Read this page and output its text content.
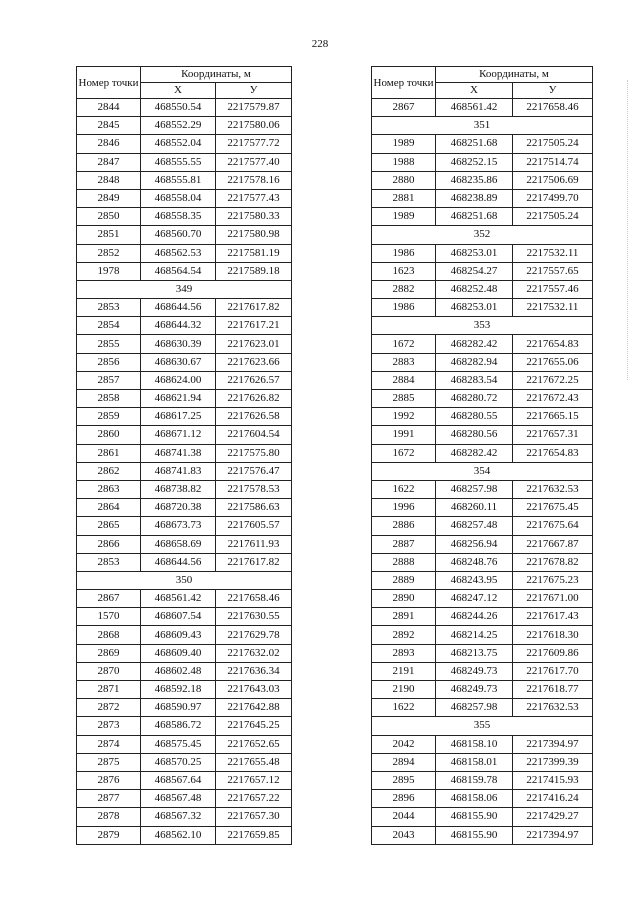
228
Номер точки	Координаты, м	
	X	У
2844	468550.54	2217579.87
2845	468552.29	2217580.06
2846	468552.04	2217577.72
2847	468555.55	2217577.40
2848	468555.81	2217578.16
2849	468558.04	2217577.43
2850	468558.35	2217580.33
2851	468560.70	2217580.98
2852	468562.53	2217581.19
1978	468564.54	2217589.18
349		
2853	468644.56	2217617.82
2854	468644.32	2217617.21
2855	468630.39	2217623.01
2856	468630.67	2217623.66
2857	468624.00	2217626.57
2858	468621.94	2217626.82
2859	468617.25	2217626.58
2860	468671.12	2217604.54
2861	468741.38	2217575.80
2862	468741.83	2217576.47
2863	468738.82	2217578.53
2864	468720.38	2217586.63
2865	468673.73	2217605.57
2866	468658.69	2217611.93
2853	468644.56	2217617.82
350		
2867	468561.42	2217658.46
1570	468607.54	2217630.55
2868	468609.43	2217629.78
2869	468609.40	2217632.02
2870	468602.48	2217636.34
2871	468592.18	2217643.03
2872	468590.97	2217642.88
2873	468586.72	2217645.25
2874	468575.45	2217652.65
2875	468570.25	2217655.48
2876	468567.64	2217657.12
2877	468567.48	2217657.22
2878	468567.32	2217657.30
2879	468562.10	2217659.85
Номер точки	Координаты, м	
	X	У
2867	468561.42	2217658.46
351		
1989	468251.68	2217505.24
1988	468252.15	2217514.74
2880	468235.86	2217506.69
2881	468238.89	2217499.70
1989	468251.68	2217505.24
352		
1986	468253.01	2217532.11
1623	468254.27	2217557.65
2882	468252.48	2217557.46
1986	468253.01	2217532.11
353		
1672	468282.42	2217654.83
2883	468282.94	2217655.06
2884	468283.54	2217672.25
2885	468280.72	2217672.43
1992	468280.55	2217665.15
1991	468280.56	2217657.31
1672	468282.42	2217654.83
354		
1622	468257.98	2217632.53
1996	468260.11	2217675.45
2886	468257.48	2217675.64
2887	468256.94	2217667.87
2888	468248.76	2217678.82
2889	468243.95	2217675.23
2890	468247.12	2217671.00
2891	468244.26	2217617.43
2892	468214.25	2217618.30
2893	468213.75	2217609.86
2191	468249.73	2217617.70
2190	468249.73	2217618.77
1622	468257.98	2217632.53
355		
2042	468158.10	2217394.97
2894	468158.01	2217399.39
2895	468159.78	2217415.93
2896	468158.06	2217416.24
2044	468155.90	2217429.27
2043	468155.90	2217394.97
